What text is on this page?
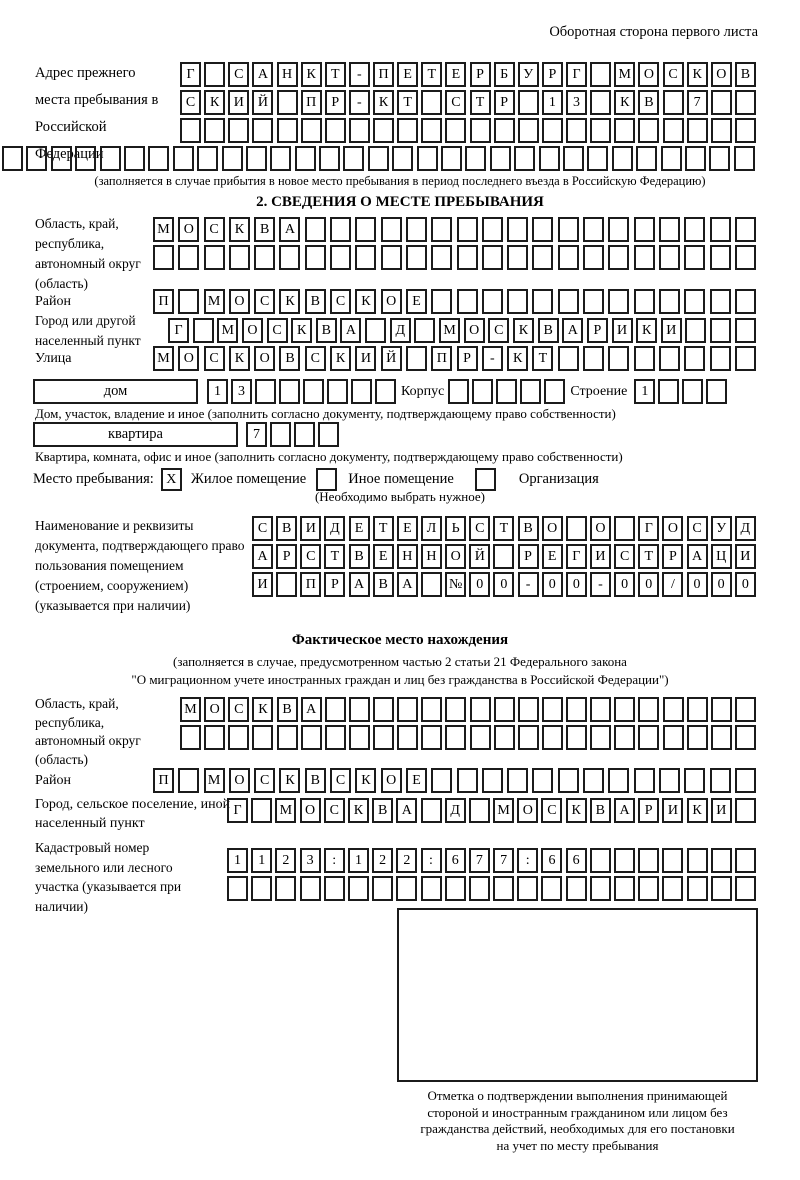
Оборотная сторона первого листа
Адрес прежнего места пребывания в Российской Федерации
Г	С	А	Н	К	Т	-	П	Е	Т	Е	Р	Б	У	Р	Г	М О	С	К	О	В
С	К	И	Й	П	Р	-	К	Т	С	Т	Р	1	3	К	В	7
(заполняется в случае прибытия в новое место пребывания в период последнего въезда в Российскую Федерацию)
2. СВЕДЕНИЯ О МЕСТЕ ПРЕБЫВАНИЯ
Область, край, республика, автономный округ (область)
М	О	С	К	В	А
Район	П	М	О	С	К	В	С	К	О	Е
Город или другой населенный пункт
Г	М О	С	К	В	А	Д	М О	С	К	В	А	Р	И	К	И
Улица	М	О	С	К	О	В	С	К	И	Й	П	Р	-	К	Т
дом	1	3	Корпус	Строение	1
Дом, участок, владение и иное (заполнить согласно документу, подтверждающему право собственности)
квартира	7
Квартира, комната, офис и иное (заполнить согласно документу, подтверждающему право собственности)
Место пребывания: X Жилое помещение	Иное помещение	Организация
(Необходимо выбрать нужное)
Наименование и реквизиты документа, подтверждающего право пользования помещением (строением, сооружением) (указывается при наличии)
С	В	И	Д	Е	Т	Е	Л	Ь	С	Т	В	О	О	Г	О	С	У	Д
А	Р	С	Т	В	Е	Н	Н	О	Й	Р	Е	Г	И	С	Т	Р	А	Ц	И
И	П	Р	А	В	А	№ 0	0	-	0	0	-	0	0	/	0	0	0
Фактическое место нахождения
(заполняется в случае, предусмотренном частью 2 статьи 21 Федерального закона
"О миграционном учете иностранных граждан и лиц без гражданства в Российской Федерации")
Область, край, республика, автономный округ (область)
М О	С	К	В	А
Район	П	М	О	С	К	В	С	К	О	Е
Город, сельское поселение, иной населенный пункт
Г	М О	С	К	В	А	Д	М О	С	К	В	А	Р	И	К	И
Кадастровый номер земельного или лесного участка (указывается при наличии)
1	1	2	3	:	1	2	2	:	6	7	7	:	6	6
Отметка о подтверждении выполнения принимающей
стороной и иностранным гражданином или лицом без
гражданства действий, необходимых для его постановки
на учет по месту пребывания
